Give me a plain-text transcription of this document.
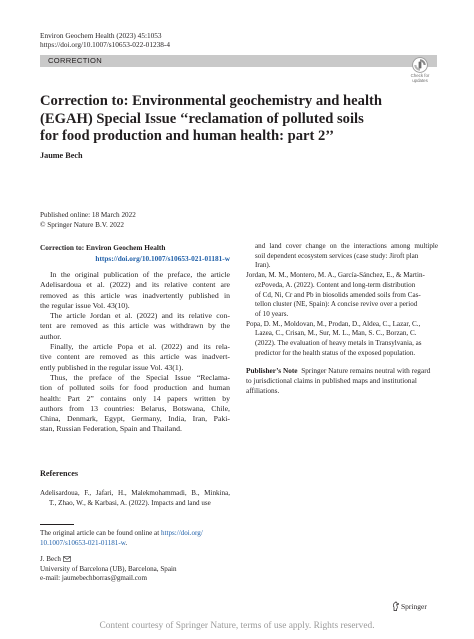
Environ Geochem Health (2023) 45:1053
https://doi.org/10.1007/s10653-022-01238-4
CORRECTION
Check for
updates
Correction to: Environmental geochemistry and health
(EGAH) Special Issue ‘‘reclamation of polluted soils
for food production and human health: part 2’’
Jaume Bech
Published online: 18 March 2022
© Springer Nature B.V. 2022
Correction to: Environ Geochem Health
https://doi.org/10.1007/s10653-021-01181-w
In the original publication of the preface, the article
Adelisardoua et al. (2022) and its relative content are
removed as this article was inadvertently published in
the regular issue Vol. 43(10).
The article Jordan et al. (2022) and its relative con-
tent are removed as this article was withdrawn by the
author.
Finally, the article Popa et al. (2022) and its rela-
tive content are removed as this article was inadvert-
ently published in the regular issue Vol. 43(1).
Thus, the preface of the Special Issue “Reclama-
tion of polluted soils for food production and human
health: Part 2” contains only 14 papers written by
authors from 13 countries: Belarus, Botswana, Chile,
China, Denmark, Egypt, Germany, India, Iran, Paki-
stan, Russian Federation, Spain and Thailand.
References
Adelisardoua, F., Jafari, H., Malekmohammadi, B., Minkina,
T., Zhao, W., & Karbasi, A. (2022). Impacts and land use
The original article can be found online at https://doi.org/
10.1007/s10653-021-01181-w.
J. Bech
University of Barcelona (UB), Barcelona, Spain
e-mail: jaumebechborras@gmail.com
and land cover change on the interactions among multiple
soil dependent ecosystem services (case study: Jiroft plan
Iran).
Jordan, M. M., Montero, M. A., García-Sánchez, E., & Martin-
ezPoveda, A. (2022). Content and long-term distribution
of Cd, Ni, Cr and Pb in biosolids amended soils from Cas-
tellon cluster (NE, Spain): A concise revive over a period
of 10 years.
Popa, D. M., Moldovan, M., Prodan, D., Aldea, C., Lazar, C.,
Lazea, C., Crisan, M., Sur, M. L., Man, S. C., Borzan, C.
(2022). The evaluation of heavy metals in Transylvania, as
predictor for the health status of the exposed population.
Publisher’s Note Springer Nature remains neutral with regard
to jurisdictional claims in published maps and institutional
affiliations.
Springer
Content courtesy of Springer Nature, terms of use apply. Rights reserved.
